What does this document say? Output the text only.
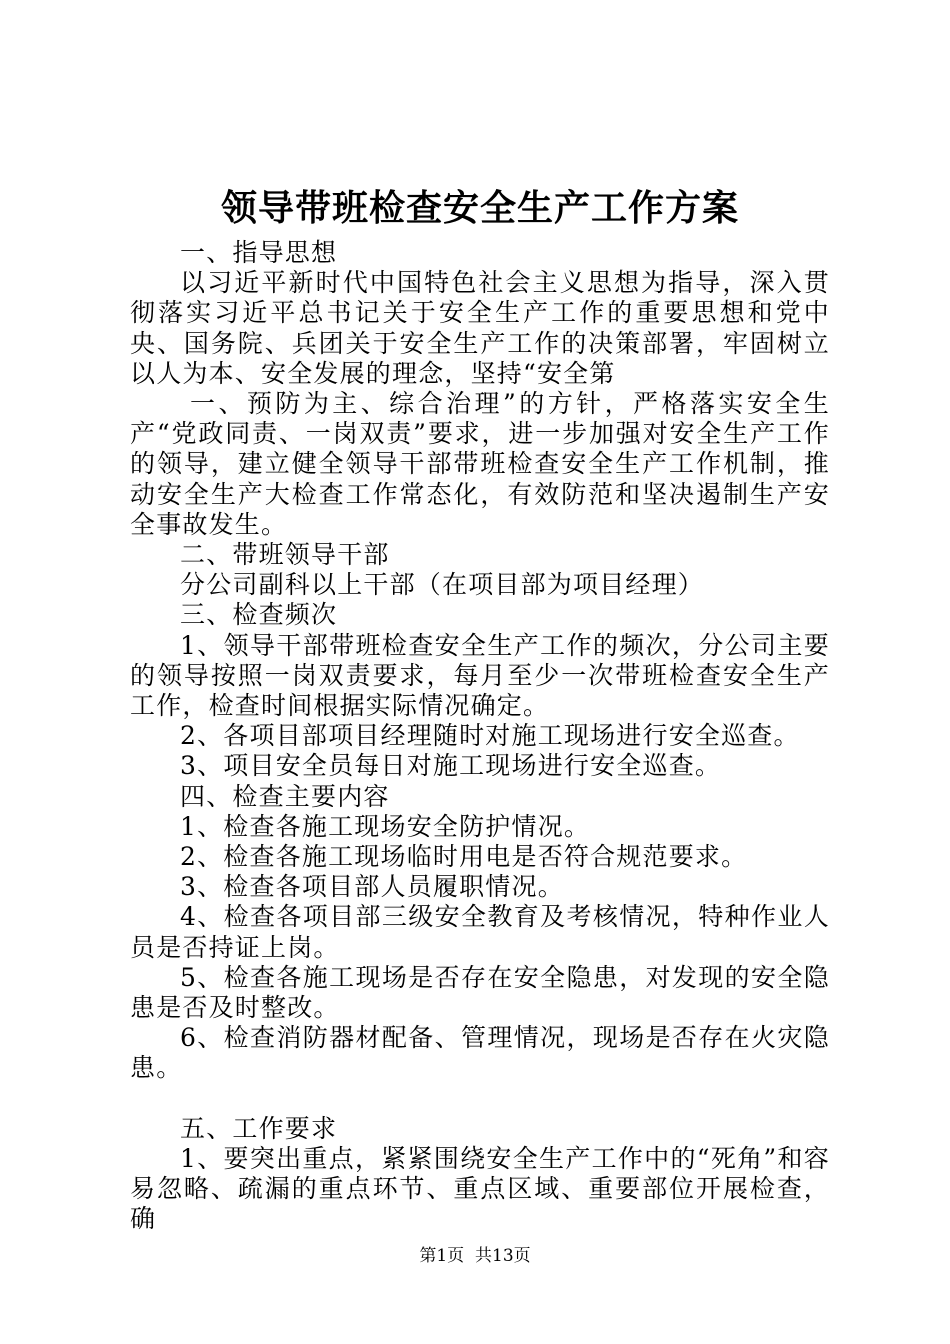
领导带班检查安全生产工作方案

一、指导思想

以习近平新时代中国特色社会主义思想为指导，深入贯彻落实习近平总书记关于安全生产工作的重要思想和党中央、国务院、兵团关于安全生产工作的决策部署，牢固树立以人为本、安全发展的理念，坚持“安全第

一、预防为主、综合治理”的方针，严格落实安全生产“党政同责、一岗双责”要求，进一步加强对安全生产工作的领导，建立健全领导干部带班检查安全生产工作机制，推动安全生产大检查工作常态化，有效防范和坚决遏制生产安全事故发生。

二、带班领导干部

分公司副科以上干部（在项目部为项目经理）

三、检查频次

1、领导干部带班检查安全生产工作的频次，分公司主要的领导按照一岗双责要求，每月至少一次带班检查安全生产工作，检查时间根据实际情况确定。

2、各项目部项目经理随时对施工现场进行安全巡查。

3、项目安全员每日对施工现场进行安全巡查。

四、检查主要内容

1、检查各施工现场安全防护情况。

2、检查各施工现场临时用电是否符合规范要求。

3、检查各项目部人员履职情况。

4、检查各项目部三级安全教育及考核情况，特种作业人员是否持证上岗。

5、检查各施工现场是否存在安全隐患，对发现的安全隐患是否及时整改。

6、检查消防器材配备、管理情况，现场是否存在火灾隐患。

五、工作要求

1、要突出重点，紧紧围绕安全生产工作中的“死角”和容易忽略、疏漏的重点环节、重点区域、重要部位开展检查，确

第1页 共13页
